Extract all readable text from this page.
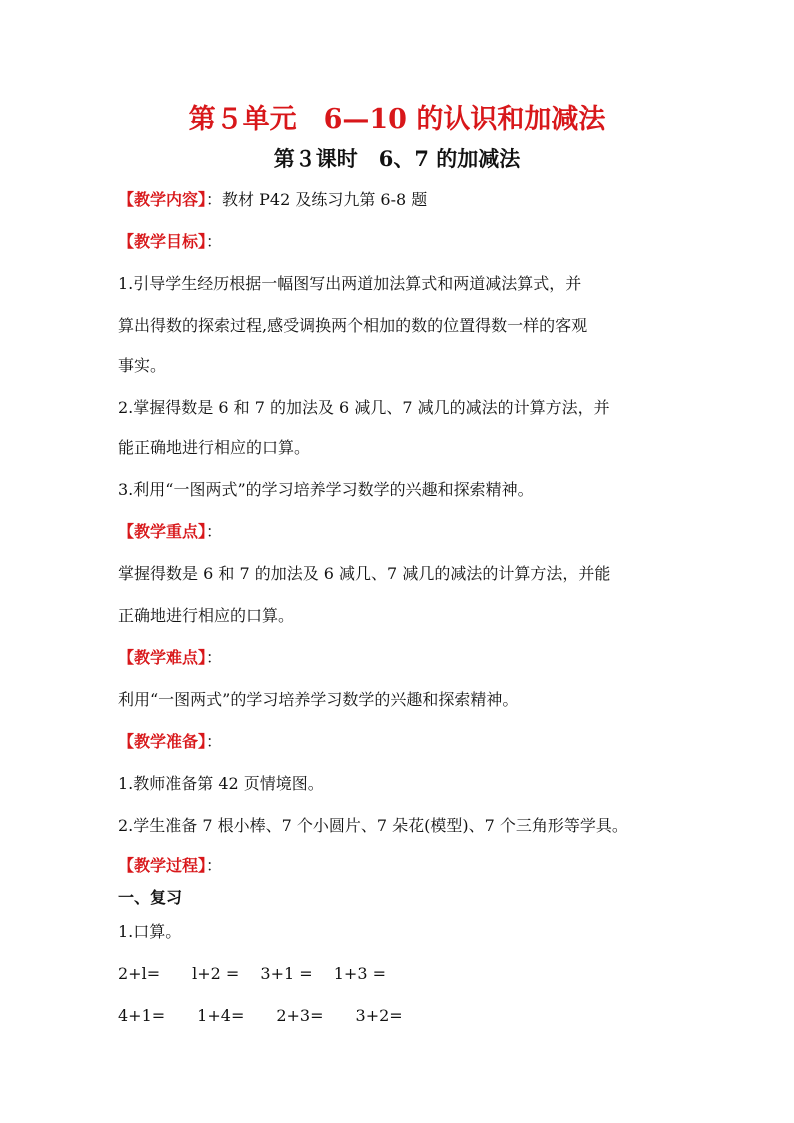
第５单元　6—10 的认识和加减法
第３课时　6、7 的加减法
【教学内容】：教材 P42 及练习九第 6-8 题
【教学目标】：
1.引导学生经历根据一幅图写出两道加法算式和两道减法算式，并
算出得数的探索过程,感受调换两个相加的数的位置得数一样的客观
事实。
2.掌握得数是 6 和 7 的加法及 6 减几、7 减几的减法的计算方法，并
能正确地进行相应的口算。
3.利用“一图两式”的学习培养学习数学的兴趣和探索精神。
【教学重点】：
掌握得数是 6 和 7 的加法及 6 减几、7 减几的减法的计算方法，并能
正确地进行相应的口算。
【教学难点】：
利用“一图两式”的学习培养学习数学的兴趣和探索精神。
【教学准备】：
1.教师准备第 42 页情境图。
2.学生准备 7 根小棒、7 个小圆片、7 朵花(模型)、7 个三角形等学具。
【教学过程】：
一、复习
1.口算。
2+l=　　l+2 =　 3+1 =　 1+3 =
4+1=　　1+4=　　2+3=　　3+2=
